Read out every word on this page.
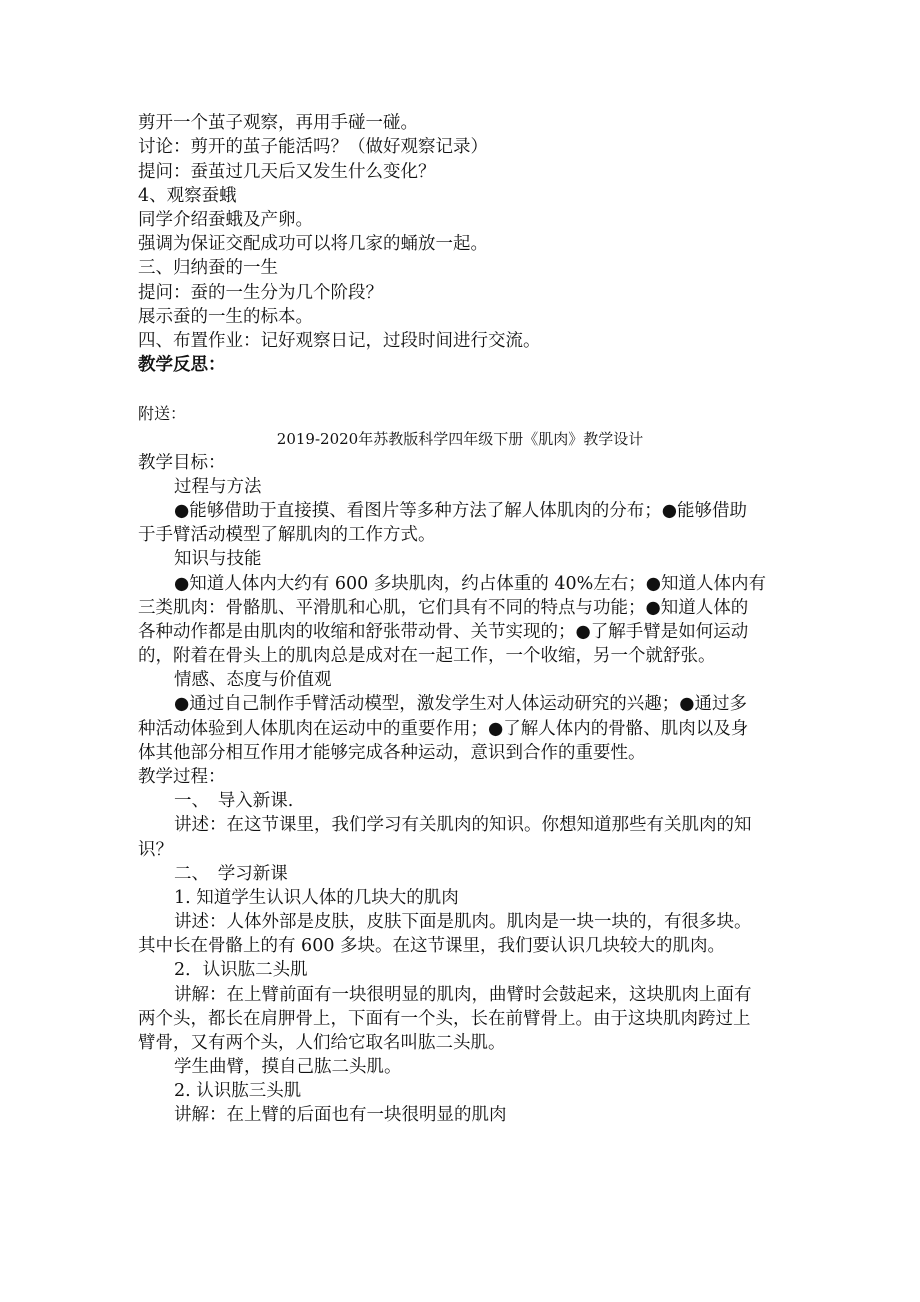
剪开一个茧子观察，再用手碰一碰。

讨论：剪开的茧子能活吗？（做好观察记录）

提问：蚕茧过几天后又发生什么变化？

4、观察蚕蛾

同学介绍蚕蛾及产卵。

强调为保证交配成功可以将几家的蛹放一起。

三、归纳蚕的一生

提问：蚕的一生分为几个阶段？

展示蚕的一生的标本。

四、布置作业：记好观察日记，过段时间进行交流。

教学反思：

附送：

2019-2020年苏教版科学四年级下册《肌肉》教学设计

教学目标：

过程与方法

●能够借助于直接摸、看图片等多种方法了解人体肌肉的分布；●能够借助

于手臂活动模型了解肌肉的工作方式。

知识与技能

●知道人体内大约有 600 多块肌肉，约占体重的 40%左右；●知道人体内有

三类肌肉：骨骼肌、平滑肌和心肌，它们具有不同的特点与功能；●知道人体的

各种动作都是由肌肉的收缩和舒张带动骨、关节实现的；●了解手臂是如何运动

的，附着在骨头上的肌肉总是成对在一起工作，一个收缩，另一个就舒张。

情感、态度与价值观

●通过自己制作手臂活动模型，激发学生对人体运动研究的兴趣；●通过多

种活动体验到人体肌肉在运动中的重要作用；●了解人体内的骨骼、肌肉以及身

体其他部分相互作用才能够完成各种运动，意识到合作的重要性。

教学过程：

一、　导入新课.

讲述：在这节课里，我们学习有关肌肉的知识。你想知道那些有关肌肉的知

识？

二、　学习新课

1. 知道学生认识人体的几块大的肌肉

讲述：人体外部是皮肤，皮肤下面是肌肉。肌肉是一块一块的，有很多块。

其中长在骨骼上的有 600 多块。在这节课里，我们要认识几块较大的肌肉。

2．认识肱二头肌

讲解：在上臂前面有一块很明显的肌肉，曲臂时会鼓起来，这块肌肉上面有

两个头，都长在肩胛骨上，下面有一个头，长在前臂骨上。由于这块肌肉跨过上

臂骨，又有两个头，人们给它取名叫肱二头肌。

学生曲臂，摸自己肱二头肌。

2. 认识肱三头肌

讲解：在上臂的后面也有一块很明显的肌肉
